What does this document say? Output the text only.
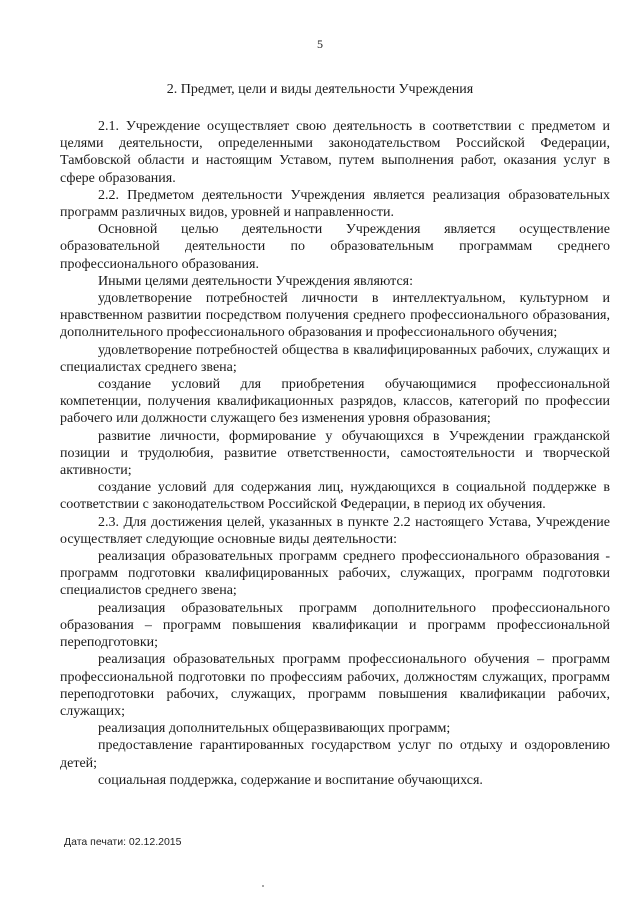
5
2. Предмет, цели и виды деятельности Учреждения

2.1. Учреждение осуществляет свою деятельность в соответствии с предметом и целями деятельности, определенными законодательством Российской Федерации, Тамбовской области и настоящим Уставом, путем выполнения работ, оказания услуг в сфере образования.

2.2. Предметом деятельности Учреждения является реализация образовательных программ различных видов, уровней и направленности.

Основной целью деятельности Учреждения является осуществление образовательной деятельности по образовательным программам среднего профессионального образования.

Иными целями деятельности Учреждения являются:

удовлетворение потребностей личности в интеллектуальном, культурном и нравственном развитии посредством получения среднего профессионального образования, дополнительного профессионального образования и профессионального обучения;

удовлетворение потребностей общества в квалифицированных рабочих, служащих и специалистах среднего звена;

создание условий для приобретения обучающимися профессиональной компетенции, получения квалификационных разрядов, классов, категорий по профессии рабочего или должности служащего без изменения уровня образования;

развитие личности, формирование у обучающихся в Учреждении гражданской позиции и трудолюбия, развитие ответственности, самостоятельности и творческой активности;

создание условий для содержания лиц, нуждающихся в социальной поддержке в соответствии с законодательством Российской Федерации, в период их обучения.

2.3. Для достижения целей, указанных в пункте 2.2 настоящего Устава, Учреждение осуществляет следующие основные виды деятельности:

реализация образовательных программ среднего профессионального образования - программ подготовки квалифицированных рабочих, служащих, программ подготовки специалистов среднего звена;

реализация образовательных программ дополнительного профессионального образования – программ повышения квалификации и программ профессиональной переподготовки;

реализация образовательных программ профессионального обучения – программ профессиональной подготовки по профессиям рабочих, должностям служащих, программ переподготовки рабочих, служащих, программ повышения квалификации рабочих, служащих;

реализация дополнительных общеразвивающих программ;

предоставление гарантированных государством услуг по отдыху и оздоровлению детей;

социальная поддержка, содержание и воспитание обучающихся.

Дата печати: 02.12.2015
